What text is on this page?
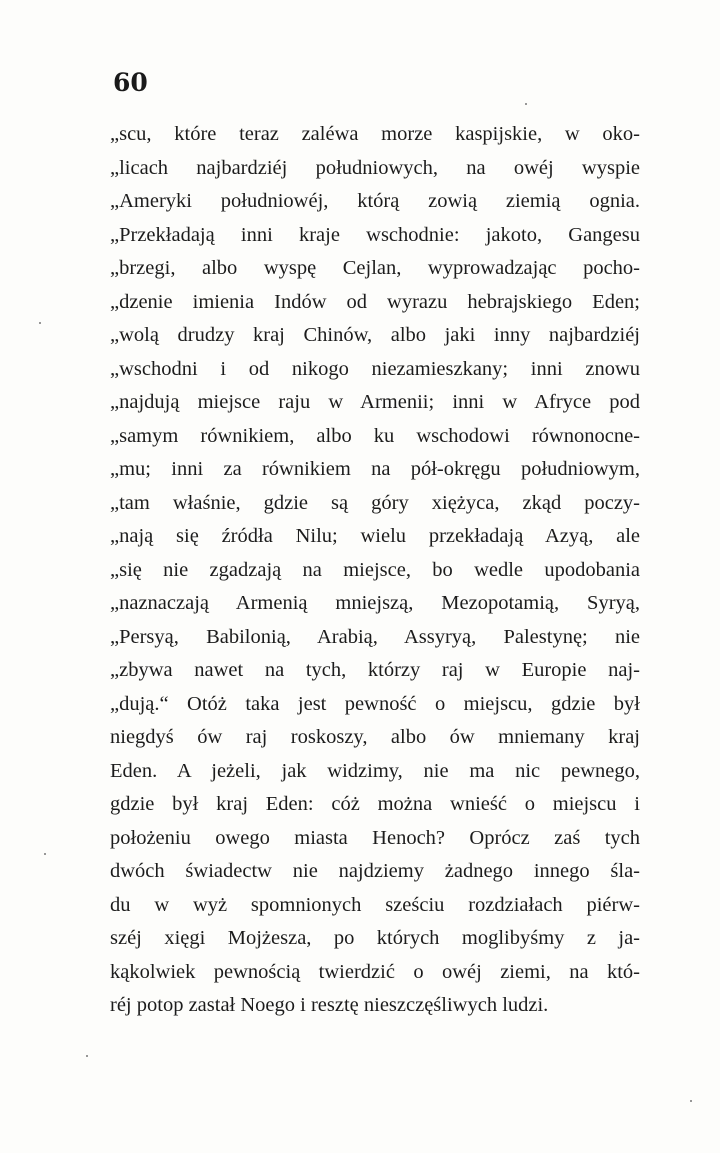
60
„scu, które teraz zaléwa morze kaspijskie, w oko-
„licach najbardziéj południowych, na owéj wyspie
„Ameryki południowéj, którą zowią ziemią ognia.
„Przekładają inni kraje wschodnie: jakoto, Gangesu
„brzegi, albo wyspę Cejlan, wyprowadzając pocho-
„dzenie imienia Indów od wyrazu hebrajskiego Eden;
„wolą drudzy kraj Chinów, albo jaki inny najbardziéj
„wschodni i od nikogo niezamieszkany; inni znowu
„najdują miejsce raju w Armenii; inni w Afryce pod
„samym równikiem, albo ku wschodowi równonocne-
„mu; inni za równikiem na pół-okręgu południowym,
„tam właśnie, gdzie są góry xiężyca, zkąd poczy-
„nają się źródła Nilu; wielu przekładają Azyą, ale
„się nie zgadzają na miejsce, bo wedle upodobania
„naznaczają Armenią mniejszą, Mezopotamią, Syryą,
„Persyą, Babilonią, Arabią, Assyryą, Palestynę; nie
„zbywa nawet na tych, którzy raj w Europie naj-
„dują.“ Otóż taka jest pewność o miejscu, gdzie był
niegdyś ów raj roskoszy, albo ów mniemany kraj
Eden. A jeżeli, jak widzimy, nie ma nic pewnego,
gdzie był kraj Eden: cóż można wnieść o miejscu i
położeniu owego miasta Henoch? Oprócz zaś tych
dwóch świadectw nie najdziemy żadnego innego śla-
du w wyż spomnionych sześciu rozdziałach piérw-
széj xięgi Mojżesza, po których moglibyśmy z ja-
kąkolwiek pewnością twierdzić o owéj ziemi, na któ-
réj potop zastał Noego i resztę nieszczęśliwych ludzi.
